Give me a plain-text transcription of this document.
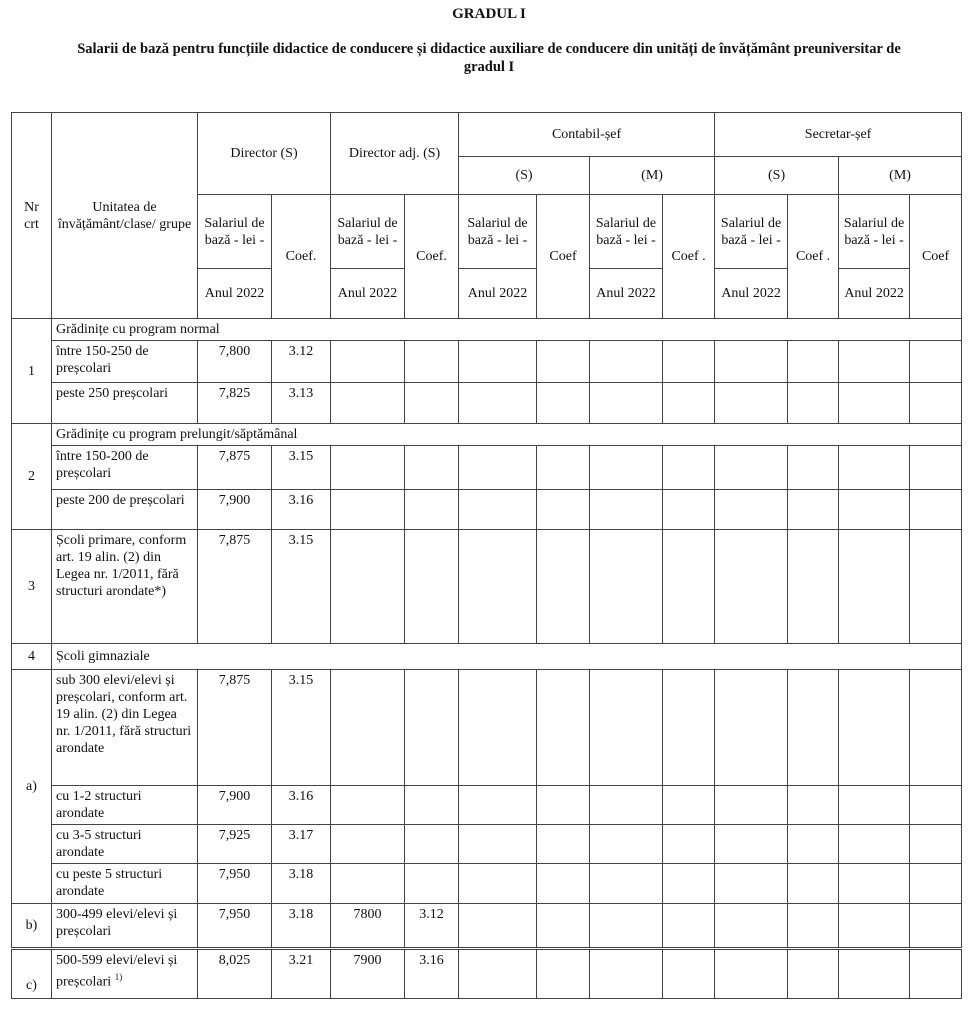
GRADUL I
Salarii de bază pentru funcțiile didactice de conducere și didactice auxiliare de conducere din unități de învățământ preuniversitar de
gradul I
Nr crt	Unitatea de învățământ/clase/ grupe	Director (S)		Director adj. (S)		Contabil-șef				Secretar-șef			
						(S)		(M)		(S)		(M)	
		Salariul de bază - lei -	Coef.	Salariul de bază - lei -	Coef.	Salariul de bază - lei -	Coef	Salariul de bază - lei -	Coef .	Salariul de bază - lei -	Coef .	Salariul de bază - lei -	Coef
		Anul 2022		Anul 2022		Anul 2022		Anul 2022		Anul 2022		Anul 2022	
1	Grădinițe cu program normal												
	între 150-250 de preșcolari	7,800	3.12										
	peste 250 preșcolari	7,825	3.13										
2	Grădinițe cu program prelungit/săptămânal												
	între 150-200 de preșcolari	7,875	3.15										
	peste 200 de preșcolari	7,900	3.16										
3	Școli primare, conform art. 19 alin. (2) din Legea nr. 1/2011, fără structuri arondate*)	7,875	3.15										
4	Școli gimnaziale												
a)	sub 300 elevi/elevi și preșcolari, conform art. 19 alin. (2) din Legea nr. 1/2011, fără structuri arondate	7,875	3.15										
	cu 1-2 structuri arondate	7,900	3.16										
	cu 3-5 structuri arondate	7,925	3.17										
	cu peste 5 structuri arondate	7,950	3.18										
b)	300-499 elevi/elevi și preșcolari	7,950	3.18	7800	3.12								
c)	500-599 elevi/elevi și preșcolari $^{1)}$	8,025	3.21	7900	3.16								
